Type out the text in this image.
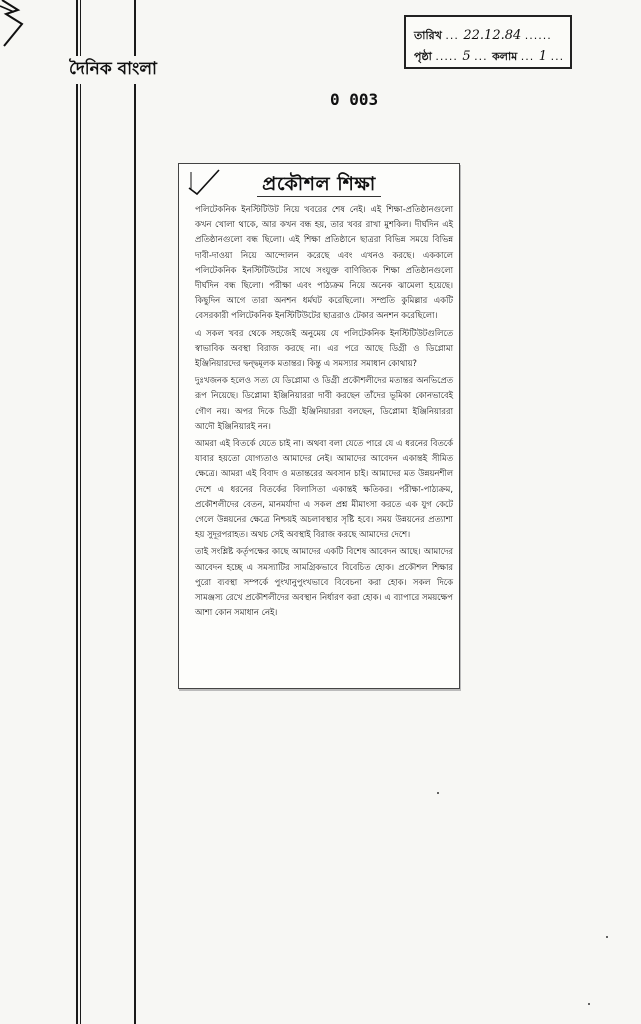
দৈনিক বাংলা
তারিখ ... 22.12.84 ......
পৃষ্ঠা ..... 5 ... কলাম ... 1 ...
0 003
প্রকৌশল শিক্ষা

পলিটেকনিক ইনস্টিটিউট নিয়ে খবরের শেষ নেই। এই শিক্ষা-প্রতিষ্ঠানগুলো কখন খোলা থাকে, আর কখন বন্ধ হয়, তার খবর রাখা মুশকিল। দীর্ঘদিন এই প্রতিষ্ঠানগুলো বন্ধ ছিলো। এই শিক্ষা প্রতিষ্ঠানে ছাত্ররা বিভিন্ন সময়ে বিভিন্ন দাবী-দাওয়া নিয়ে আন্দোলন করেছে এবং এখনও করছে। এককালে পলিটেকনিক ইনস্টিটিউটের সাথে সংযুক্ত বাণিজ্যিক শিক্ষা প্রতিষ্ঠানগুলো দীর্ঘদিন বন্ধ ছিলো। পরীক্ষা এবং পাঠ্যক্রম নিয়ে অনেক ঝামেলা হয়েছে। কিছুদিন আগে তারা অনশন ধর্মঘট করেছিলো। সম্প্রতি কুমিল্লার একটি বেসরকারী পলিটেকনিক ইনস্টিটিউটের ছাত্ররাও টেকার অনশন করেছিলো।

এ সকল খবর থেকে সহজেই অনুমেয় যে পলিটেকনিক ইনস্টিটিউটগুলিতে স্বাভাবিক অবস্থা বিরাজ করছে না। এর পরে আছে ডিগ্রী ও ডিপ্লোমা ইঞ্জিনিয়ারদের দ্বন্দ্বমূলক মতান্তর। কিন্তু এ সমস্যার সমাধান কোথায়?

দুঃখজনক হলেও সত্য যে ডিপ্লোমা ও ডিগ্রী প্রকৌশলীদের মতান্তর অনভিপ্রেত রূপ নিয়েছে। ডিপ্লোমা ইঞ্জিনিয়াররা দাবী করছেন তাঁদের ভূমিকা কোনভাবেই গৌণ নয়। অপর দিকে ডিগ্রী ইঞ্জিনিয়াররা বলছেন, ডিপ্লোমা ইঞ্জিনিয়াররা আদৌ ইঞ্জিনিয়ারই নন।

আমরা এই বিতর্কে যেতে চাই না। অথবা বলা যেতে পারে যে এ ধরনের বিতর্কে যাবার হয়তো যোগ্যতাও আমাদের নেই। আমাদের আবেদন একান্তই সীমিত ক্ষেত্রে। আমরা এই বিবাদ ও মতান্তরের অবসান চাই। আমাদের মত উন্নয়নশীল দেশে এ ধরনের বিতর্কের বিলাসিতা একান্তই ক্ষতিকর। পরীক্ষা-পাঠ্যক্রম, প্রকৌশলীদের বেতন, মানমর্যাদা এ সকল প্রশ্ন মীমাংসা করতে এক যুগ কেটে গেলে উন্নয়নের ক্ষেত্রে নিশ্চয়ই অচলাবস্থার সৃষ্টি হবে। সময় উন্নয়নের প্রত্যাশা হয় সুদূরপরাহত। অথচ সেই অবস্থাই বিরাজ করছে আমাদের দেশে।

তাই সংশ্লিষ্ট কর্তৃপক্ষের কাছে আমাদের একটি বিশেষ আবেদন আছে। আমাদের আবেদন হচ্ছে এ সমস্যাটির সামগ্রিকভাবে বিবেচিত হোক। প্রকৌশল শিক্ষার পুরো ব্যবস্থা সম্পর্কে পুংখানুপুংখভাবে বিবেচনা করা হোক। সকল দিকে সামঞ্জস্য রেখে প্রকৌশলীদের অবস্থান নির্ধারণ করা হোক। এ ব্যাপারে সময়ক্ষেপ আশা কোন সমাধান নেই।
